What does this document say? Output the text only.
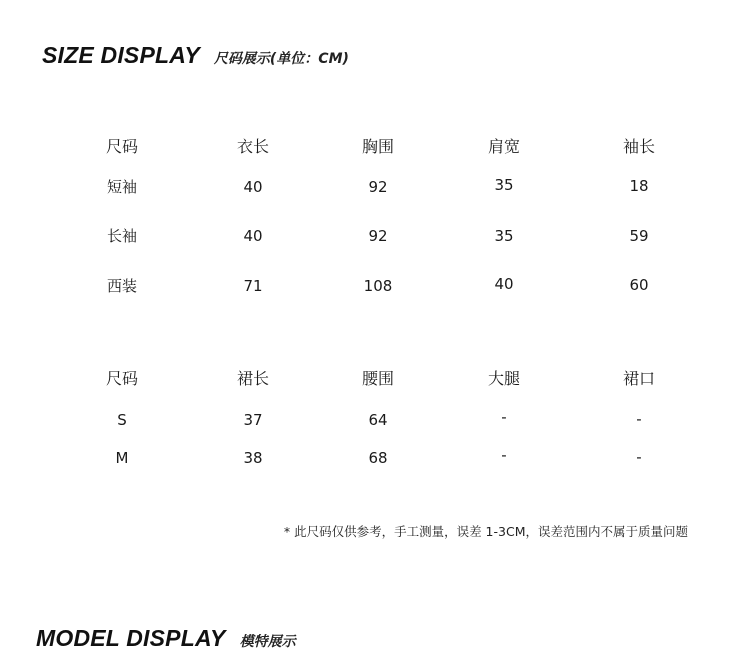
SIZE DISPLAY 尺码展示(单位：CM)
尺码	衣长	胸围	肩宽	袖长
短袖	40	92	35	18
长袖	40	92	35	59
西装	71	108	40	60
尺码	裙长	腰围	大腿	裙口
S	37	64	-	-
M	38	68	-	-
* 此尺码仅供参考，手工测量，误差 1-3CM，误差范围内不属于质量问题
MODEL DISPLAY 模特展示
